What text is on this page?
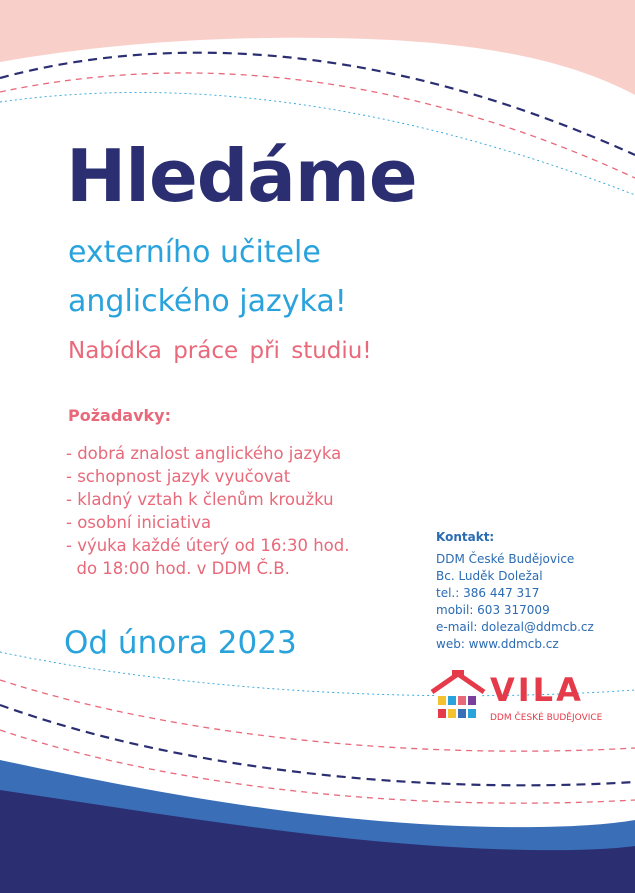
Hledáme
externího učitele
anglického jazyka!
Nabídka práce při studiu!
Požadavky:
- dobrá znalost anglického jazyka
- schopnost jazyk vyučovat
- kladný vztah k členům kroužku
- osobní iniciativa
- výuka každé úterý od 16:30 hod.
do 18:00 hod. v DDM Č.B.
Od února 2023
Kontakt:
DDM České Budějovice
Bc. Luděk Doležal
tel.: 386 447 317
mobil: 603 317009
e-mail: dolezal@ddmcb.cz
web: www.ddmcb.cz
VILA
DDM ČESKÉ BUDĚJOVICE
